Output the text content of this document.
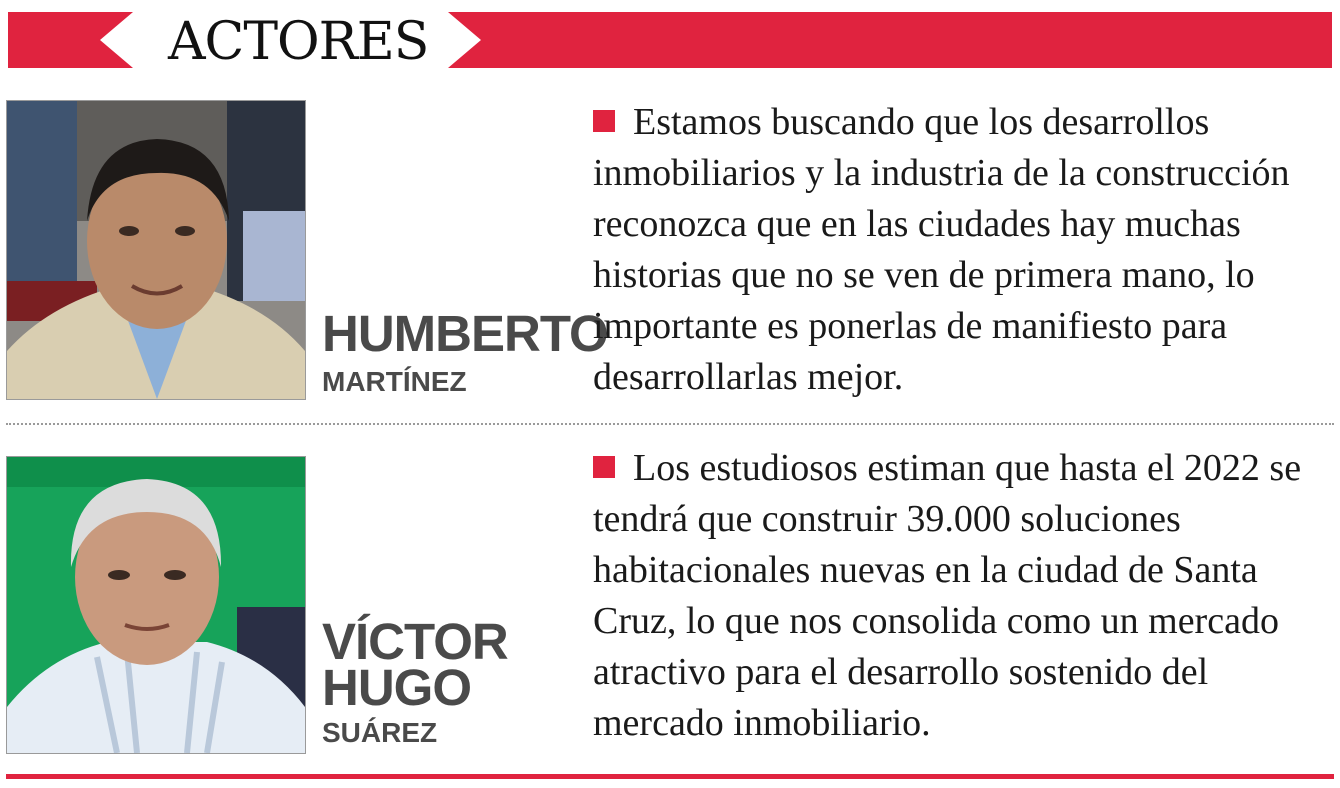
ACTORES

HUMBERTO

MARTÍNEZ

Estamos buscando que los desarrollos inmobiliarios y la industria de la construcción reconozca que en las ciudades hay muchas historias que no se ven de primera mano, lo importante es ponerlas de manifiesto para desarrollarlas mejor.

VÍCTOR

HUGO

SUÁREZ

Los estudiosos estiman que hasta el 2022 se tendrá que construir 39.000 soluciones habitacionales nuevas en la ciudad de Santa Cruz, lo que nos consolida como un mercado atractivo para el desarrollo sostenido del mercado inmobiliario.
